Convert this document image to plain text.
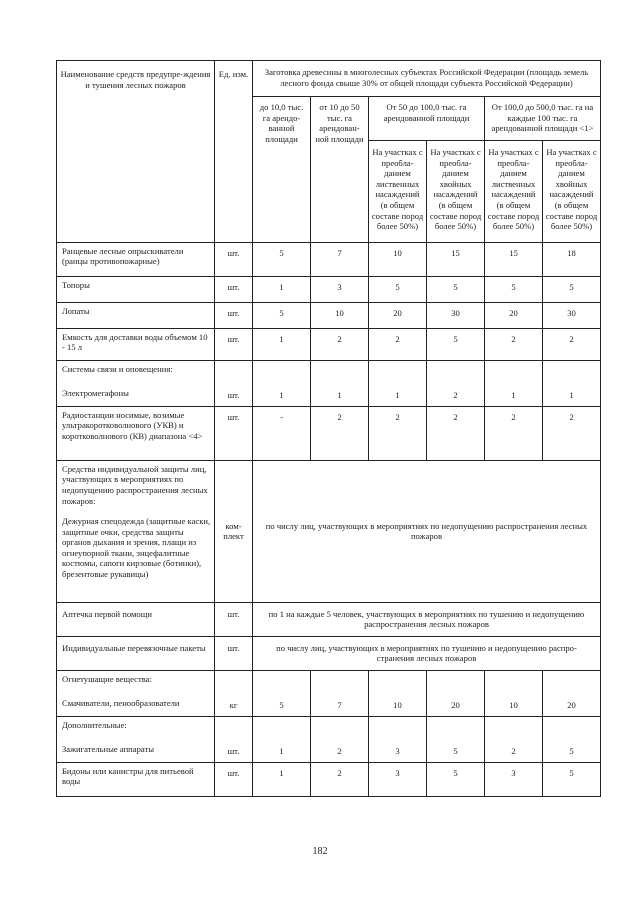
Наименование средств предупре-ждения и тушения лесных пожаров	Ед. изм.	Заготовка древесины в многолесных субъектах Российской Федерации (площадь земель лесного фонда свыше 30% от общей площади субъекта Российской Федерации)					
		до 10,0 тыс. га арендованной площади	от 10 до 50 тыс. га арендованной площади	От 50 до 100,0 тыс. га арендованной площади		От 100,0 до 500,0 тыс. га на каждые 100 тыс. га арендованной площади <1>	
				На участках с преобладанием лиственных насаждений (в общем составе пород более 50%)	На участках с преобладанием хвойных насаждений (в общем составе пород более 50%)	На участках с преобладанием лиственных насаждений (в общем составе пород более 50%)	На участках с преобладанием хвойных насаждений (в общем составе пород более 50%)
Ранцевые лесные опрыскиватели (ранцы противопожарные)	шт.	5	7	10	15	15	18
Топоры	шт.	1	3	5	5	5	5
Лопаты	шт.	5	10	20	30	20	30
Емкость для доставки воды объемом 10 - 15 л	шт.	1	2	2	5	2	2

Системы связи и оповещения:
Электромегафоны	шт.	1	1	1	2	1	1
Радиостанции носимые, возимые ультракоротковолнового (УКВ) и коротковолнового (КВ) диапазона <4>	шт.	-	2	2	2	2	2

Средства индивидуальной защиты лиц, участвующих в мероприятиях по недопущению распространения лесных пожаров:
Дежурная спецодежда (защитные каски, защитные очки, средства защиты органов дыхания и зрения, плащи из огнеупорной ткани, энцефалитные костюмы, сапоги кирзовые (ботинки), брезентовые рукавицы)	комплект	по числу лиц, участвующих в мероприятиях по недопущению распространения лесных пожаров					
Аптечка первой помощи	шт.	по 1 на каждые 5 человек, участвующих в мероприятиях по тушению и недопущению распространения лесных пожаров					
Индивидуальные перевязочные пакеты	шт.	по числу лиц, участвующих в мероприятиях по тушению и недопущению распространения лесных пожаров					

Огнетушащие вещества:
Смачиватели, пенообразователи	кг	5	7	10	20	10	20

Дополнительные:
Зажигательные аппараты	шт.	1	2	3	5	2	5
Бидоны или канистры для питьевой воды	шт.	1	2	3	5	3	5
182
